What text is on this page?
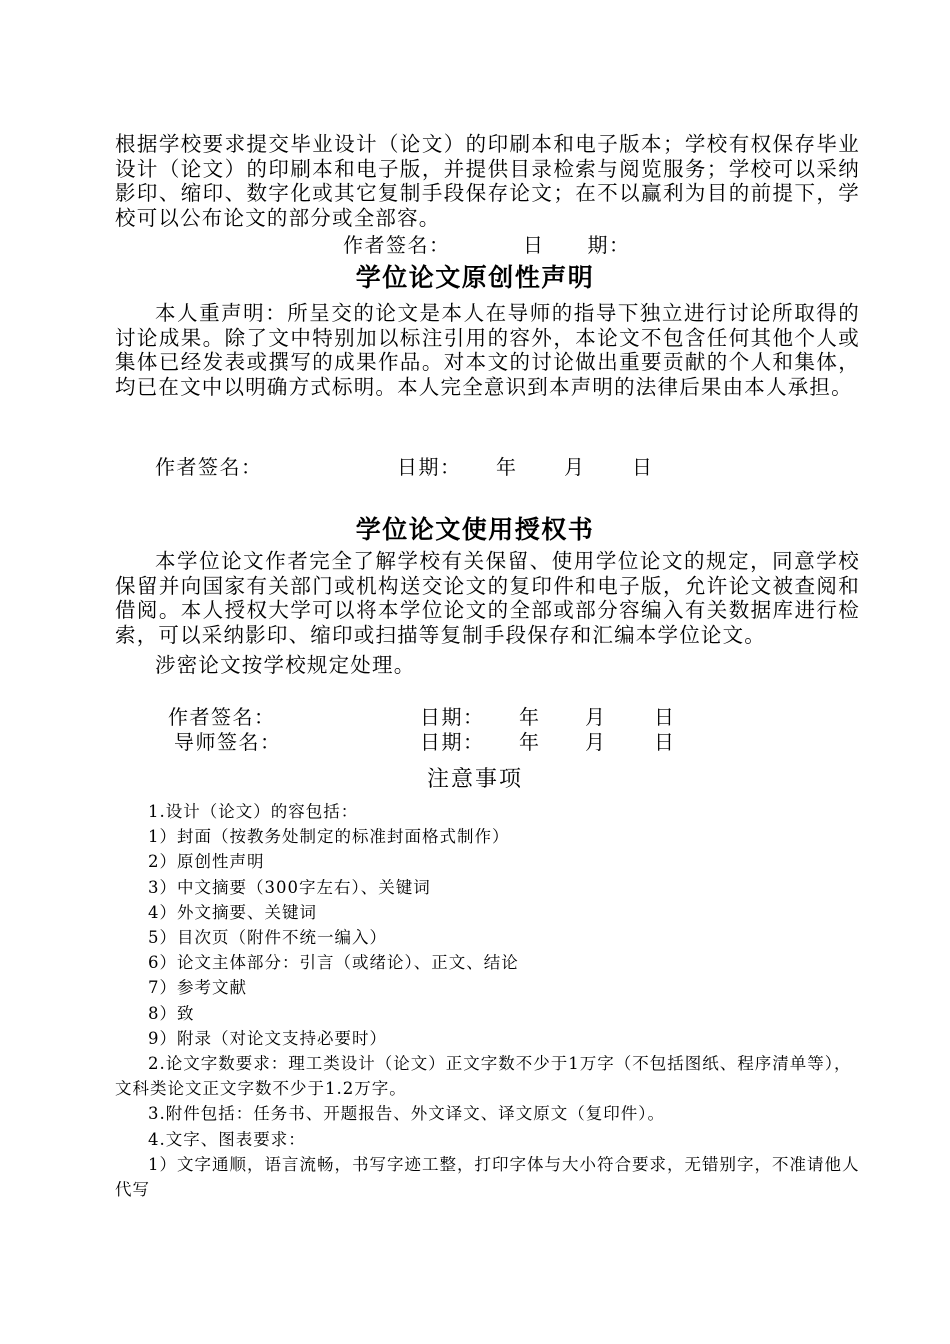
根据学校要求提交毕业设计（论文）的印刷本和电子版本；学校有权保存毕业设计（论文）的印刷本和电子版，并提供目录检索与阅览服务；学校可以采纳影印、缩印、数字化或其它复制手段保存论文；在不以赢利为目的前提下，学校可以公布论文的部分或全部容。
作者签名：	日　　期：
学位论文原创性声明
本人重声明：所呈交的论文是本人在导师的指导下独立进行讨论所取得的讨论成果。除了文中特别加以标注引用的容外，本论文不包含任何其他个人或集体已经发表或撰写的成果作品。对本文的讨论做出重要贡献的个人和集体，均已在文中以明确方式标明。本人完全意识到本声明的法律后果由本人承担。
作者签名：	日期： 年 月 日
学位论文使用授权书
本学位论文作者完全了解学校有关保留、使用学位论文的规定，同意学校保留并向国家有关部门或机构送交论文的复印件和电子版，允许论文被查阅和借阅。本人授权大学可以将本学位论文的全部或部分容编入有关数据库进行检索，可以采纳影印、缩印或扫描等复制手段保存和汇编本学位论文。
涉密论文按学校规定处理。
作者签名：	日期： 年 月 日
导师签名：	日期： 年 月 日
注意事项

1.设计（论文）的容包括：

1）封面（按教务处制定的标准封面格式制作）

2）原创性声明

3）中文摘要（300字左右）、关键词

4）外文摘要、关键词

5）目次页（附件不统一编入）

6）论文主体部分：引言（或绪论）、正文、结论

7）参考文献

8）致

9）附录（对论文支持必要时）

2.论文字数要求：理工类设计（论文）正文字数不少于1万字（不包括图纸、程序清单等），文科类论文正文字数不少于1.2万字。

3.附件包括：任务书、开题报告、外文译文、译文原文（复印件）。

4.文字、图表要求：

1）文字通顺，语言流畅，书写字迹工整，打印字体与大小符合要求，无错别字，不准请他人代写
